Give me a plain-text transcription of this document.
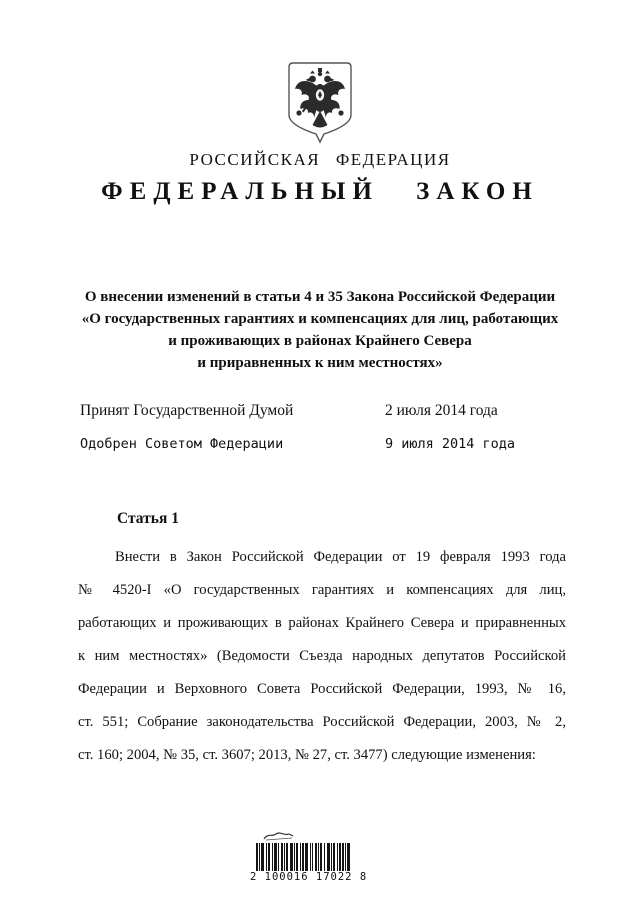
РОССИЙСКАЯ ФЕДЕРАЦИЯ
ФЕДЕРАЛЬНЫЙ ЗАКОН
О внесении изменений в статьи 4 и 35 Закона Российской Федерации
«О государственных гарантиях и компенсациях для лиц, работающих
и проживающих в районах Крайнего Севера
и приравненных к ним местностях»
Принят Государственной Думой	2 июля 2014 года
Одобрен Советом Федерации	9 июля 2014 года
Статья 1
Внести в Закон Российской Федерации от 19 февраля 1993 года
№ 4520-I «О государственных гарантиях и компенсациях для лиц,
работающих и проживающих в районах Крайнего Севера и приравненных
к ним местностях» (Ведомости Съезда народных депутатов Российской
Федерации и Верховного Совета Российской Федерации, 1993, № 16,
ст. 551; Собрание законодательства Российской Федерации, 2003, № 2,
ст. 160; 2004, № 35, ст. 3607; 2013, № 27, ст. 3477) следующие изменения:
2 100016 17022 8
